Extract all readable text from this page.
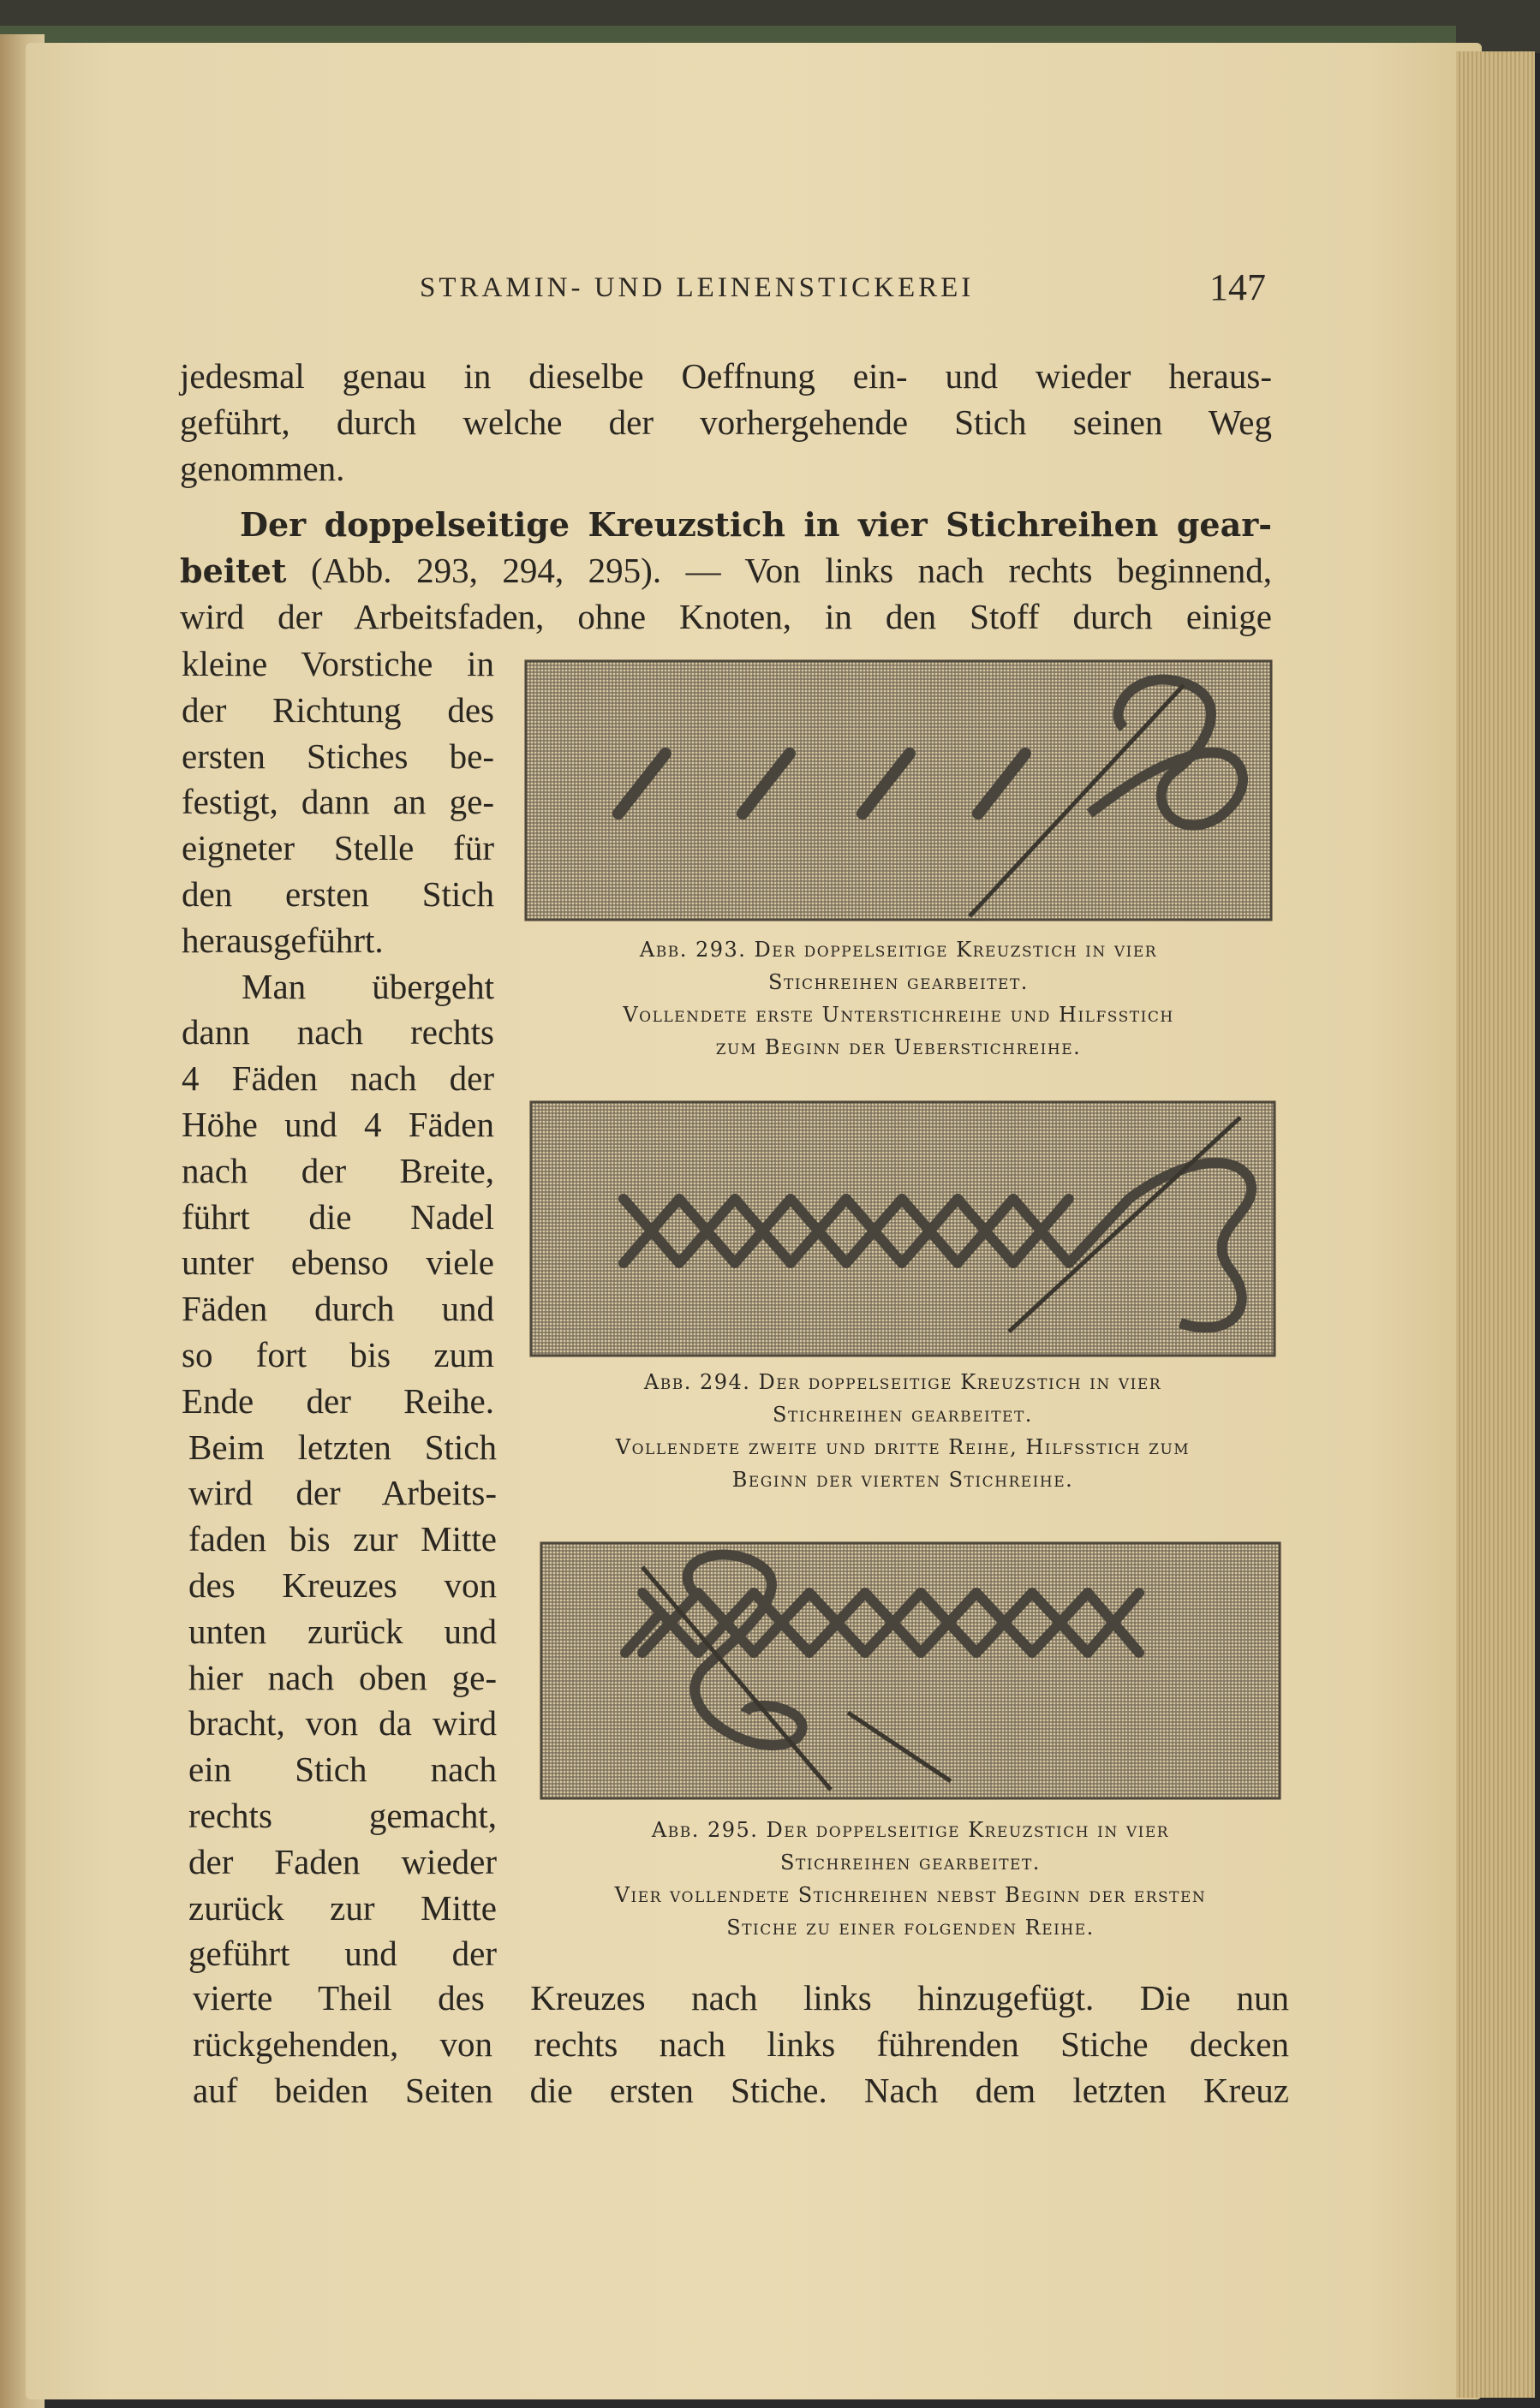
STRAMIN- UND LEINENSTICKEREI	147
jedesmal genau in dieselbe Oeffnung ein- und wieder heraus-
geführt, durch welche der vorhergehende Stich seinen Weg
genommen.
Der doppelseitige Kreuzstich in vier Stichreihen gear-
beitet (Abb. 293, 294, 295). — Von links nach rechts beginnend,
wird der Arbeitsfaden, ohne Knoten, in den Stoff durch einige
kleine Vorstiche in
der Richtung des
ersten Stiches be-
festigt, dann an ge-
eigneter Stelle für
den ersten Stich
herausgeführt.
Man übergeht
dann nach rechts
4 Fäden nach der
Höhe und 4 Fäden
nach der Breite,
führt die Nadel
unter ebenso viele
Fäden durch und
so fort bis zum
Ende der Reihe.
Beim letzten Stich
wird der Arbeits-
faden bis zur Mitte
des Kreuzes von
unten zurück und
hier nach oben ge-
bracht, von da wird
ein Stich nach
rechts gemacht,
der Faden wieder
zurück zur Mitte
geführt und der
Abb. 293. Der doppelseitige Kreuzstich in vier
Stichreihen gearbeitet.
Vollendete erste Unterstichreihe und Hilfsstich
zum Beginn der Ueberstichreihe.
Abb. 294. Der doppelseitige Kreuzstich in vier
Stichreihen gearbeitet.
Vollendete zweite und dritte Reihe, Hilfsstich zum
Beginn der vierten Stichreihe.
Abb. 295. Der doppelseitige Kreuzstich in vier
Stichreihen gearbeitet.
Vier vollendete Stichreihen nebst Beginn der ersten
Stiche zu einer folgenden Reihe.
vierte Theil des Kreuzes nach links hinzugefügt. Die nun
rückgehenden, von rechts nach links führenden Stiche decken
auf beiden Seiten die ersten Stiche. Nach dem letzten Kreuz
